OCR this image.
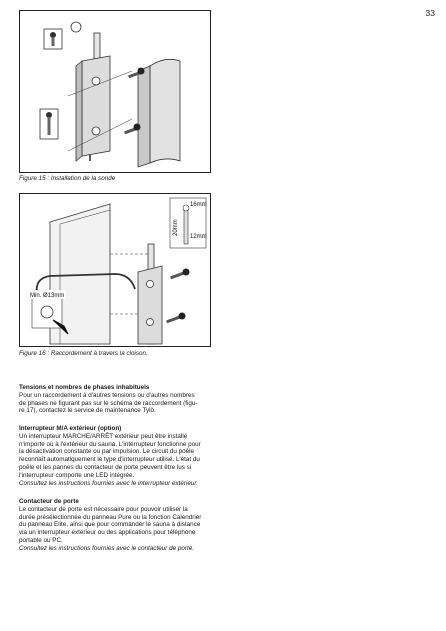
33
Figure 15 : Installation de la sonde
16mm
20mm
12mm
Min. Ø13mm
Figure 16 : Raccordement à travers la cloison.
Tensions et nombres de phases inhabituels
Pour un raccordement à d'autres tensions ou d'autres nombres
de phases ne figurant pas sur le schéma de raccordement (figu-
re 17), contactez le service de maintenance Tylö.
Interrupteur M/A extérieur (option)
Un interrupteur MARCHE/ARRÊT extérieur peut être installé
n'importe où à l'extérieur du sauna. L'interrupteur fonctionne pour
la désactivation constante ou par impulsion. Le circuit du poêle
reconnaît automatiquement le type d'interrupteur utilisé. L'état du
poêle et les pannes du contacteur de porte peuvent être lus si
l'interrupteur comporte une LED intégrée.
Consultez les instructions fournies avec le interrupteur extérieur.
Contacteur de porte
Le contacteur de porte est nécessaire pour pouvoir utiliser la
durée présélectionnée du panneau Pure ou la fonction Calendrier
du panneau Elite, ainsi que pour commander le sauna à distance
via un interrupteur extérieur ou des applications pour téléphone
portable ou PC.
Consultez les instructions fournies avec le contacteur de porte.
